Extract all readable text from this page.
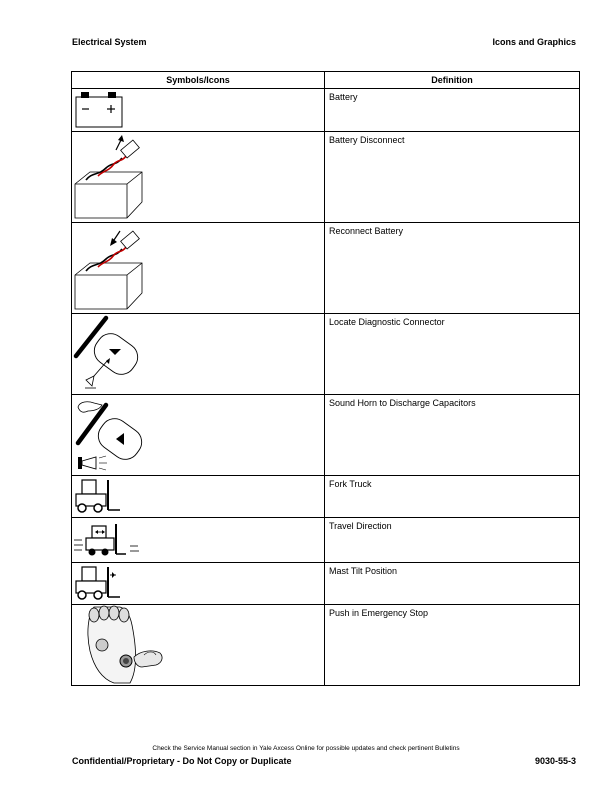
Electrical System	Icons and Graphics
Symbols/Icons	Definition

	Battery

	Battery Disconnect

	Reconnect Battery

	Locate Diagnostic Connector

	Sound Horn to Discharge Capacitors

	Fork Truck

	Travel Direction

	Mast Tilt Position

	Push in Emergency Stop
Check the Service Manual section in Yale Axcess Online for possible updates and check pertinent Bulletins
Confidential/Proprietary - Do Not Copy or Duplicate	9030-55-3
